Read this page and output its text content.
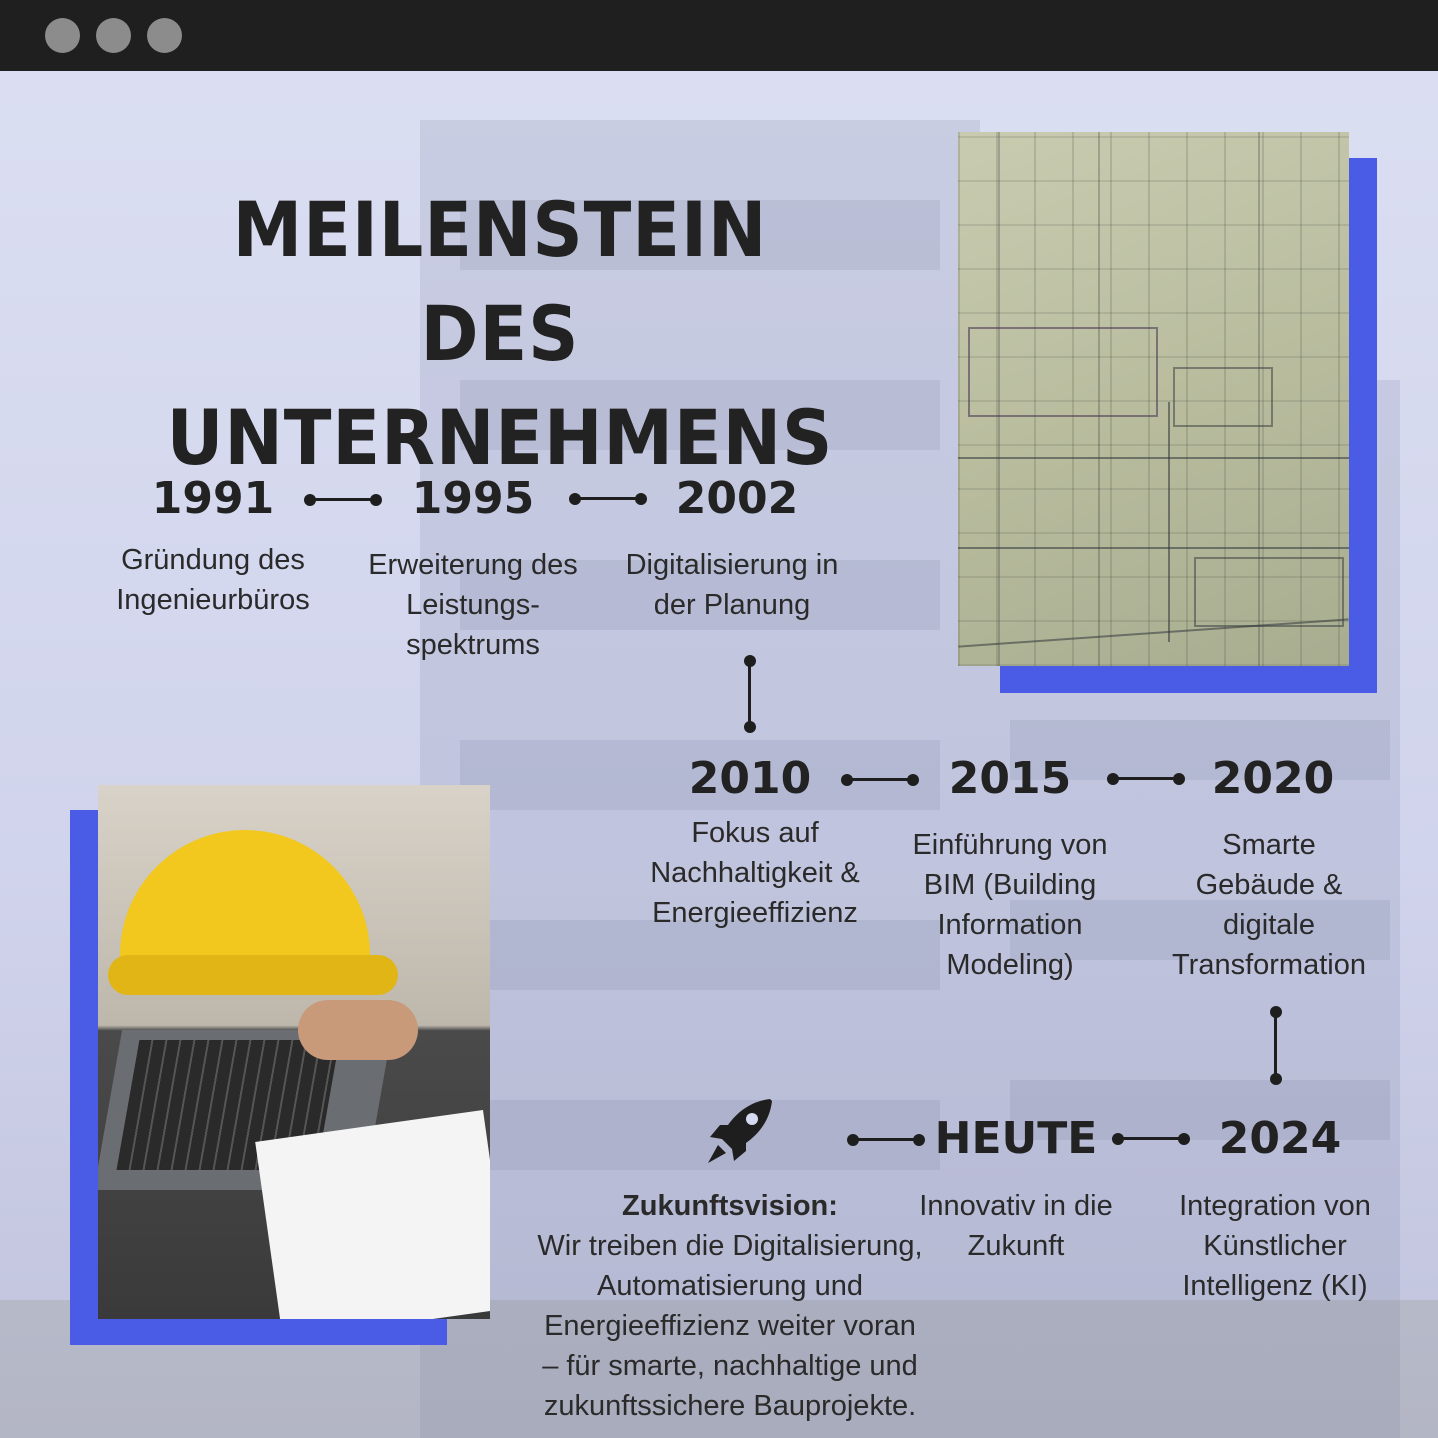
MEILENSTEIN DES
UNTERNEHMENS
1991
Gründung des
Ingenieurbüros
1995
Erweiterung des
Leistungs-
spektrums
2002
Digitalisierung in
der Planung
2010
Fokus auf
Nachhaltigkeit &
Energieeffizienz
2015
Einführung von
BIM (Building
Information
Modeling)
2020
Smarte
Gebäude &
digitale
Transformation
2024
Integration von
Künstlicher
Intelligenz (KI)
HEUTE
Innovativ in die
Zukunft
Zukunftsvision:
Wir treiben die Digitalisierung,
Automatisierung und
Energieeffizienz weiter voran
– für smarte, nachhaltige und
zukunftssichere Bauprojekte.
